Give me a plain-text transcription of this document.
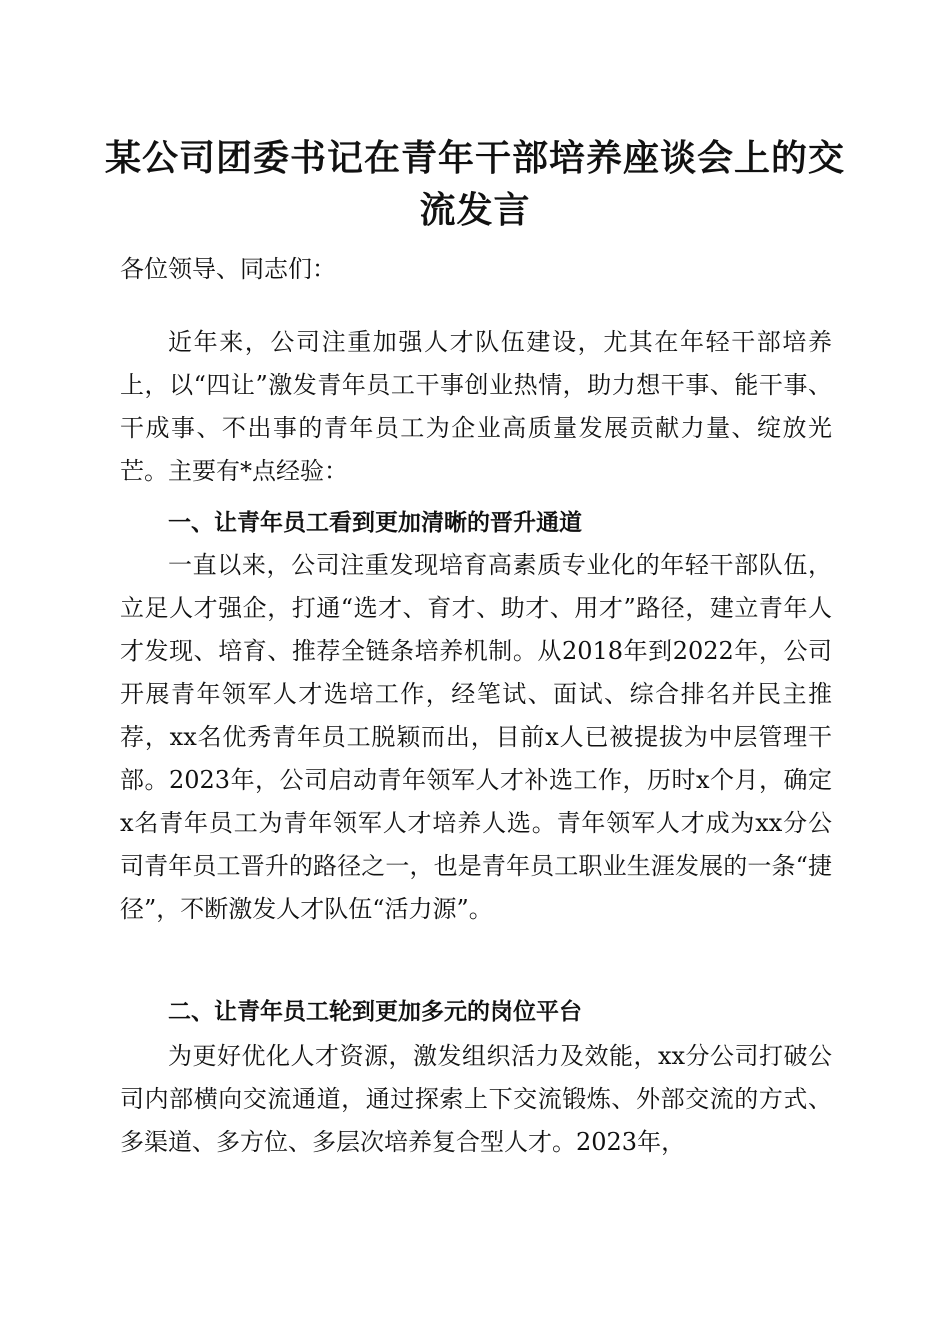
某公司团委书记在青年干部培养座谈会上的交
流发言

各位领导、同志们：

近年来，公司注重加强人才队伍建设，尤其在年轻干部培养上，以“四让”激发青年员工干事创业热情，助力想干事、能干事、干成事、不出事的青年员工为企业高质量发展贡献力量、绽放光芒。主要有*点经验：

一、让青年员工看到更加清晰的晋升通道

一直以来，公司注重发现培育高素质专业化的年轻干部队伍，立足人才强企，打通“选才、育才、助才、用才”路径，建立青年人才发现、培育、推荐全链条培养机制。从2018年到2022年，公司开展青年领军人才选培工作，经笔试、面试、综合排名并民主推荐，xx名优秀青年员工脱颖而出，目前x人已被提拔为中层管理干部。2023年，公司启动青年领军人才补选工作，历时x个月，确定x名青年员工为青年领军人才培养人选。青年领军人才成为xx分公司青年员工晋升的路径之一，也是青年员工职业生涯发展的一条“捷径”，不断激发人才队伍“活力源”。

二、让青年员工轮到更加多元的岗位平台

为更好优化人才资源，激发组织活力及效能，xx分公司打破公司内部横向交流通道，通过探索上下交流锻炼、外部交流的方式、多渠道、多方位、多层次培养复合型人才。2023年，
